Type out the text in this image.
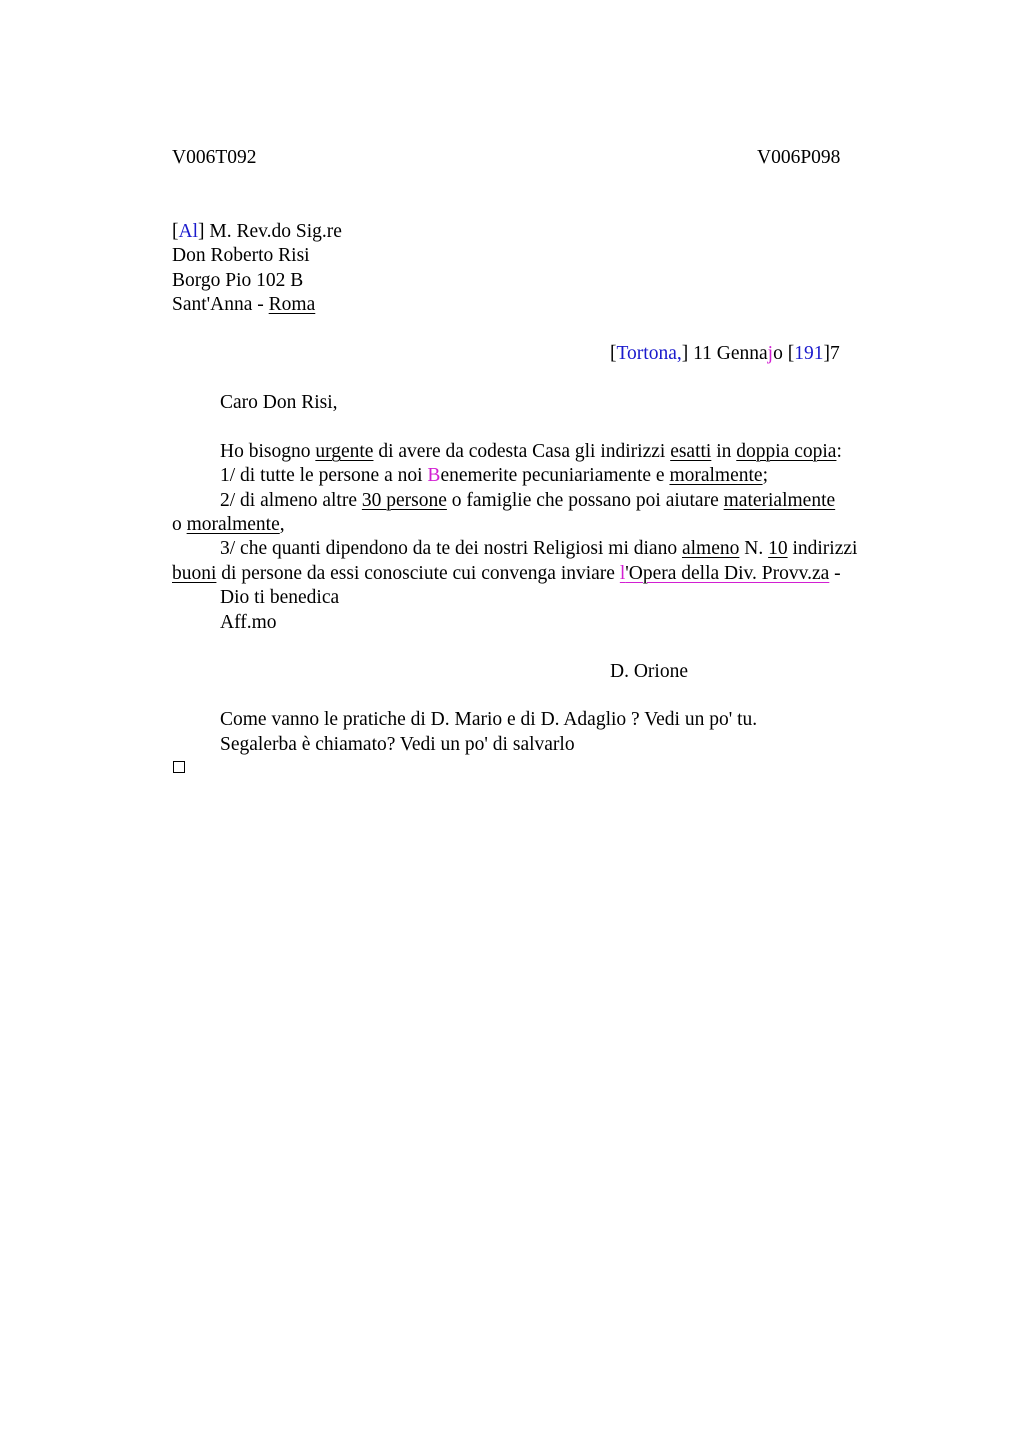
V006T092	V006P098
[Al] M. Rev.do Sig.re
Don Roberto Risi
Borgo Pio 102 B
Sant'Anna - Roma
[Tortona,] 11 Gennajo [191]7
Caro Don Risi,
Ho bisogno urgente di avere da codesta Casa gli indirizzi esatti in doppia copia:
1/ di tutte le persone a noi Benemerite pecuniariamente e moralmente;
2/ di almeno altre 30 persone o famiglie che possano poi aiutare materialmente
o moralmente,
3/ che quanti dipendono da te dei nostri Religiosi mi diano almeno N. 10 indirizzi
buoni di persone da essi conosciute cui convenga inviare l'Opera della Div. Provv.za -
Dio ti benedica
Aff.mo
D. Orione
Come vanno le pratiche di D. Mario e di D. Adaglio ? Vedi un po' tu.
Segalerba è chiamato? Vedi un po' di salvarlo
